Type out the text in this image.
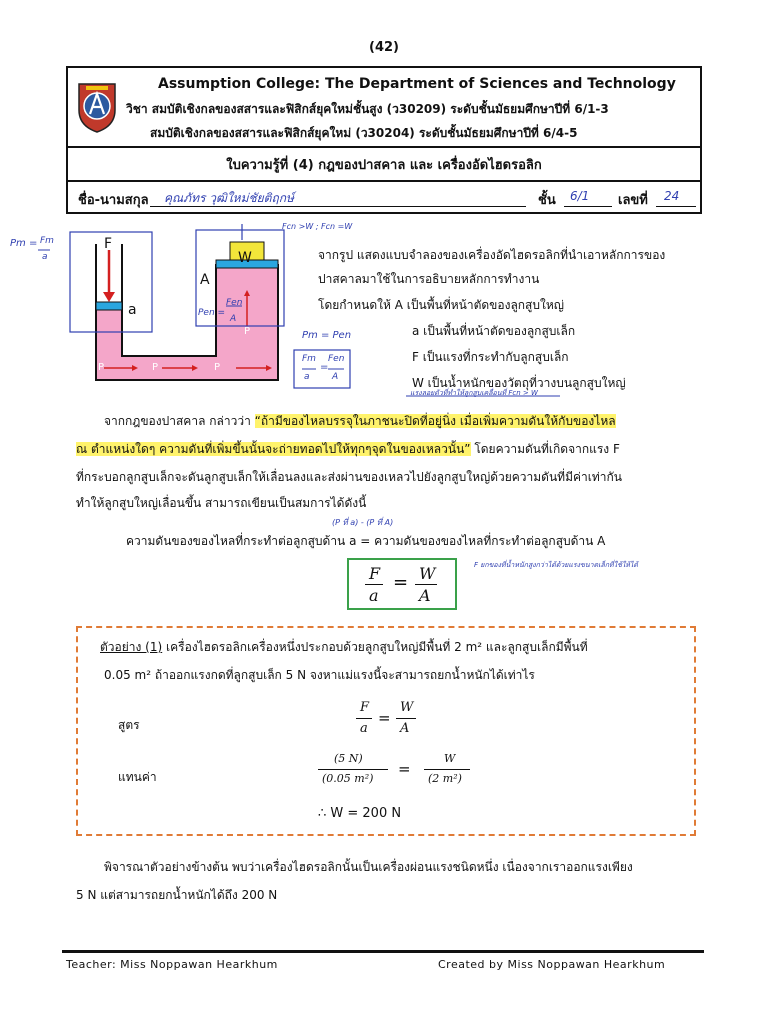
(42)
Assumption College: The Department of Sciences and Technology
วิชา สมบัติเชิงกลของสสารและฟิสิกส์ยุคใหม่ชั้นสูง (ว30209) ระดับชั้นมัธยมศึกษาปีที่ 6/1-3
สมบัติเชิงกลของสสารและฟิสิกส์ยุคใหม่ (ว30204) ระดับชั้นมัธยมศึกษาปีที่ 6/4-5
ใบความรู้ที่ (4) กฎของปาสคาล และ เครื่องอัดไฮดรอลิก
ชื่อ-นามสกุล คุณภัทร วุฒิใหม่ชัยติฤกษ์	ชั้น 6/1 เลขที่ 24
F
a
A
W
P	P	P
P
Pm = Fm
a
Fcn >W ; Fcn =W
Pen =
Fen
A
Pm = Pen
Fm
a
=
Fen
A
แรงลอยตัวที่ทำให้ลูกสูบเคลื่อนที่ Fcn > W
(P ที่ a) - (P ที่ A)
F ยกของที่น้ำหนักสูงกว่าได้ด้วยแรงขนาดเล็กที่ใช้ให้ได้
จากรูป แสดงแบบจำลองของเครื่องอัดไฮดรอลิกที่นำเอาหลักการของ
ปาสคาลมาใช้ในการอธิบายหลักการทำงาน
โดยกำหนดให้ A เป็นพื้นที่หน้าตัดของลูกสูบใหญ่
a เป็นพื้นที่หน้าตัดของลูกสูบเล็ก
F เป็นแรงที่กระทำกับลูกสูบเล็ก
W เป็นน้ำหนักของวัตถุที่วางบนลูกสูบใหญ่
จากกฎของปาสคาล กล่าวว่า “ถ้ามีของไหลบรรจุในภาชนะปิดที่อยู่นิ่ง เมื่อเพิ่มความดันให้กับของไหล
ณ ตำแหน่งใดๆ ความดันที่เพิ่มขึ้นนั้นจะถ่ายทอดไปให้ทุกๆจุดในของเหลวนั้น” โดยความดันที่เกิดจากแรง F
ที่กระบอกลูกสูบเล็กจะดันลูกสูบเล็กให้เลื่อนลงและส่งผ่านของเหลวไปยังลูกสูบใหญ่ด้วยความดันที่มีค่าเท่ากัน
ทำให้ลูกสูบใหญ่เลื่อนขึ้น สามารถเขียนเป็นสมการได้ดังนี้
ความดันของของไหลที่กระทำต่อลูกสูบด้าน a = ความดันของของไหลที่กระทำต่อลูกสูบด้าน A
F
a
= W
A
ตัวอย่าง (1) เครื่องไฮดรอลิกเครื่องหนึ่งประกอบด้วยลูกสูบใหญ่มีพื้นที่ 2 m² และลูกสูบเล็กมีพื้นที่
0.05 m² ถ้าออกแรงกดที่ลูกสูบเล็ก 5 N จงหาแม่แรงนี้จะสามารถยกน้ำหนักได้เท่าไร
สูตร
F
a
=
W
A
แทนค่า
(5 N)
(0.05 m²)
=
W
(2 m²)
∴ W = 200 N
พิจารณาตัวอย่างข้างต้น พบว่าเครื่องไฮดรอลิกนั้นเป็นเครื่องผ่อนแรงชนิดหนึ่ง เนื่องจากเราออกแรงเพียง
5 N แต่สามารถยกน้ำหนักได้ถึง 200 N
Teacher: Miss Noppawan Hearkhum	Created by Miss Noppawan Hearkhum
